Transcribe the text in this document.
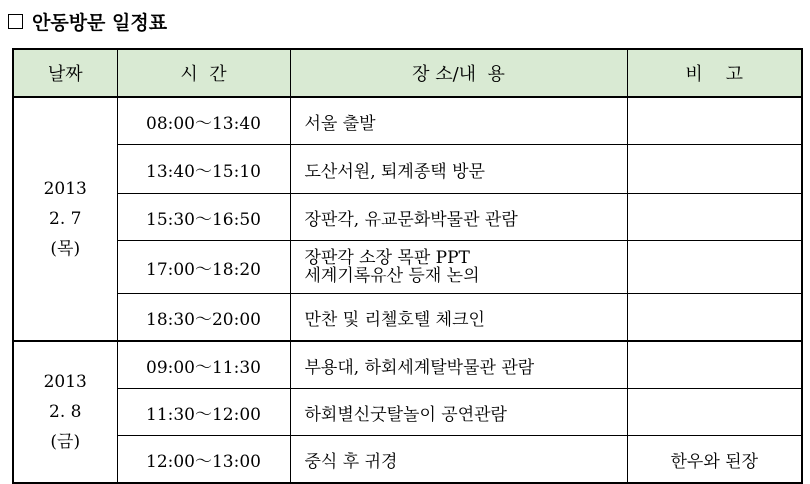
안동방문 일정표
날짜	시  간	장 소/내  용	비    고

2013
2. 7
(목)	08:00～13:40	서울 출발	
	13:40～15:10	도산서원, 퇴계종택 방문	
	15:30～16:50	장판각, 유교문화박물관 관람	
	17:00～18:20	장판각 소장 목판 PPT
세계기록유산 등재 논의	

	18:30～20:00	만찬 및 리첼호텔 체크인	

2013
2. 8
(금)	09:00～11:30	부용대, 하회세계탈박물관 관람	
	11:30～12:00	하회별신굿탈놀이 공연관람	
	12:00～13:00	중식 후 귀경	한우와 된장
